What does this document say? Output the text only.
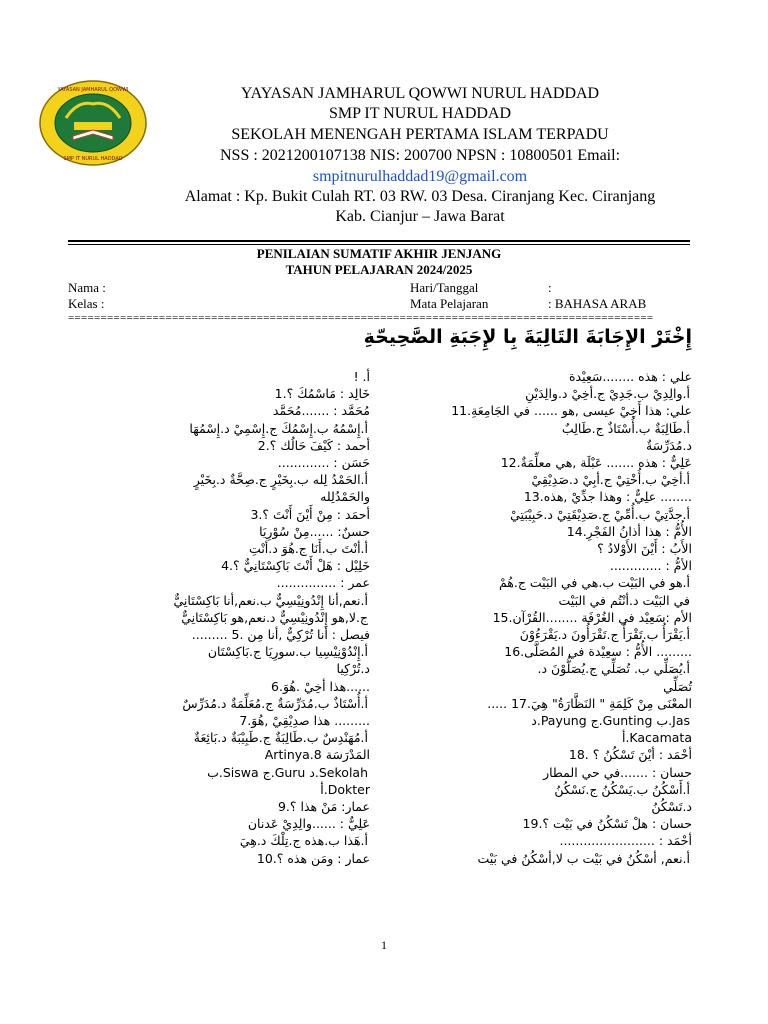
YAYASAN JAMHARUL QOWWI
SMP IT NURUL HADDAD
YAYASAN JAMHARUL QOWWI NURUL HADDAD
SMP IT NURUL HADDAD
SEKOLAH MENENGAH PERTAMA ISLAM TERPADU
NSS : 2021200107138 NIS: 200700 NPSN : 10800501 Email:
smpitnurulhaddad19@gmail.com
Alamat : Kp. Bukit Culah RT. 03 RW. 03 Desa. Ciranjang Kec. Ciranjang
Kab. Cianjur – Jawa Barat
PENILAIAN SUMATIF AKHIR JENJANG
TAHUN PELAJARAN 2024/2025
Nama :
Kelas :
Hari/Tanggal	:
Mata Pelajaran	: BAHASA ARAB
==========================================================================================
إِخْتَرْ الإِجَابَةَ التَالِيَةَ بِا لإِجَبَةِ الصَّحِيحّةِ
أ. !
خَالِد : مَاسْمُكَ ؟.1
مُحَمَّد : .......مُحَمَّد
أ.إِسْمُهُ ب.إِسْمُكَ ج.إِسْمِيْ د.إِسْمُهَا
أحمد : كَيْفَ حَالُك ؟.2
حَسَن : .............
أ.الحَمْدُ لِله ب.بِخَيْرٍ ج.صِحَّةٌ د.بِخَيْرٍ
والحَمْدُلِله
أحمَد : مِنْ أَيْنَ أَنْتَ ؟.3
حسنٌ: ......مِنْ سُوْرِيَا
أ.أنْتَ ب.أَنَا ج.هُوَ د.أنْتِ
خَلِيْل : هَلْ أَنْتَ بَاكِسْتَانِيٌّ ؟.4
عمر : ...............
أ.نعم,أنا إِنْدُونِيْسِيٌّ ب.نعم,أنا بَاكِسْتَانِيٌّ
ج.لا,هو إِنْدُونِيْسِيٌّ د.نعم,هو بَاكِسْتَانِيٌّ
فيصل : أنا تُرْكِيٌّ ,أنا مِن .5 .........
أ.إِنْدُوْنِيْسِيا ب.سورِيَا ج.بَاكِسْتَان
د.تُرْكِيا
......هذا أخِيْ .هُوَ.6
أ.أُسْتَاذٌ ب.مُدَرِّسَةٌ ج.مُعَلِّمَةٌ د.مُدَرِّسٌ
......... هذا صدِيْقِيْ ,هُوَ.7
أ.مُهَنْدِسٌ ب.طَالِبَةٌ ج.طَبِيْبَةٌ د.بَائِعَةٌ
المَدْرَسَة Artinya.8
Sekolah.د Guru.ج Siswa.ب
Dokter.أ
عمار: مَنْ هذا ؟.9
عَلِيٌّ : ......والِدِيْ عَدنان
أ.هَذا ب.هذه ج.تِلْكَ د.هِيَ
عمار : ومَن هذه ؟.10
علي : هذه ........سَعِيْدة
أ.والِدِيْ ب.جَدِيْ ج.أخِيْ د.والِدَيْنِ
علي: هذا أَخِيْ عيسى ,هو ...... في الجَامِعَةِ.11
أ.طَالِبَةٌ ب.أُسْتَاذٌ ج.طَالِبٌ
د.مُدَرِّسَةٌ
عَلِيٌّ : هذه ....... عَبْلَة ,هي معلِّمَةٌ.12
أ.أخِيْ ب.أُخْتِيْ ج.أبِيْ د.صَدِيْقِيْ
........ علِيٌّ : وهذا جدِّيْ ,هذه.13
أ.جدَّتِيْ ب.أُمِّيْ ج.صَدِيْقَتِيْ د.حَبِيْبَتِيْ
الأُمُّ : هذا أذانُ الفَجْرِ.14
الأَبُ : أَيْنَ الأَوْلادُ ؟
الأمُّ : .............
أ.هو في البَيْت ب.هي في البَيْت ج.هُمْ
في البَيْت د.أنْتُم في البَيْت
الأم :سَعِيْد في الغُرْفَة ........القُرْآن.15
أ.يَقْرَأُ ب.تَقْرَأُ ج.تَقْرَأُونَ د.يَقْرَءُوْنَ
......... الأُمُّ : سعِيْدة في المُصَلَّى.16
أ.يُصَلِّي ب. تُصَلِّي ج.يُصَلُّوْنَ د.
تُصَلِّي
المعْنَى مِنْ كَلِمَةِ " النَظَّارَةُ" هِيَ.17 .....
Jas.ب Gunting.ج Payung.د
Kacamata.أ
أحْمَد : أيْنَ تَسْكُنُ ؟ .18
حسان : .......في حي المطار
أ.أَسْكُنُ ب.يَسْكُنُ ج.نَسْكُنُ
د.تَسْكُنُ
حسان : هلْ تَسْكُنُ في بَيْت ؟.19
أحْمَد : ........................
أ.نعم, أسْكُنُ في بَيْت ب لا,أسْكُنُ في بَيْت
1
